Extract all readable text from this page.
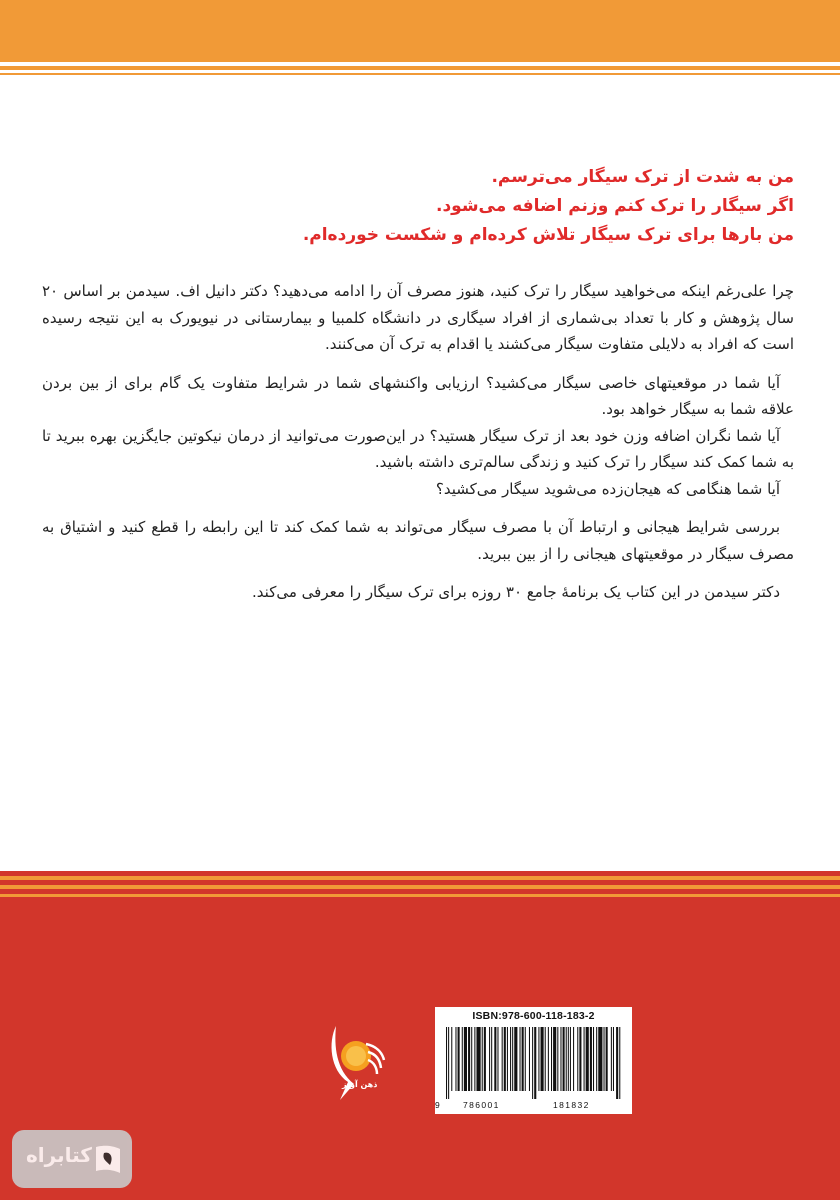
من به شدت از ترک سیگار می‌ترسم.
اگر سیگار را ترک کنم وزنم اضافه می‌شود.
من بارها برای ترک سیگار تلاش کرده‌ام و شکست خورده‌ام.

چرا علی‌رغم اینکه می‌خواهید سیگار را ترک کنید، هنوز مصرف آن را ادامه می‌دهید؟ دکتر دانیل اف. سیدمن بر اساس ۲۰ سال پژوهش و کار با تعداد بی‌شماری از افراد سیگاری در دانشگاه کلمبیا و بیمارستانی در نیویورک به این نتیجه رسیده است که افراد به دلایلی متفاوت سیگار می‌کشند یا اقدام به ترک آن می‌کنند.

آیا شما در موقعیتهای خاصی سیگار می‌کشید؟ ارزیابی واکنشهای شما در شرایط متفاوت یک گام برای از بین بردن علاقه شما به سیگار خواهد بود.

آیا شما نگران اضافه وزن خود بعد از ترک سیگار هستید؟ در این‌صورت می‌توانید از درمان نیکوتین جایگزین بهره ببرید تا به شما کمک کند سیگار را ترک کنید و زندگی سالم‌تری داشته باشید.

آیا شما هنگامی که هیجان‌زده می‌شوید سیگار می‌کشید؟

بررسی شرایط هیجانی و ارتباط آن با مصرف سیگار می‌تواند به شما کمک کند تا این رابطه را قطع کنید و اشتیاق به مصرف سیگار در موقعیتهای هیجانی را از بین ببرید.

دکتر سیدمن در این کتاب یک برنامۀ جامع ۳۰ روزه برای ترک سیگار را معرفی می‌کند.

ذهن آویز
ISBN:978-600-118-183-2
9	786001	181832
کتابراه
